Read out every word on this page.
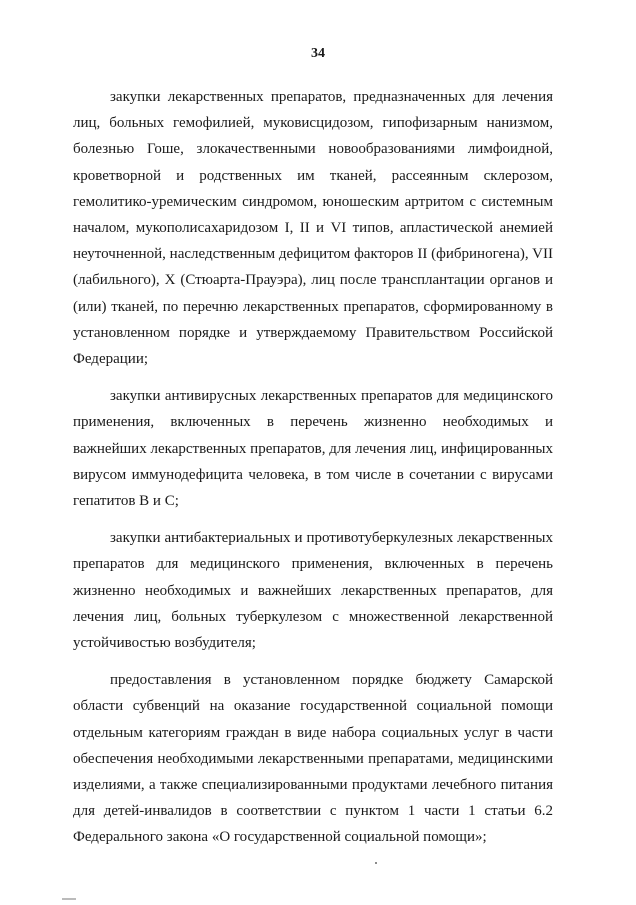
34

закупки лекарственных препаратов, предназначенных для лечения лиц, больных гемофилией, муковисцидозом, гипофизарным нанизмом, болезнью Гоше, злокачественными новообразованиями лимфоидной, кроветворной и родственных им тканей, рассеянным склерозом, гемолитико-уремическим синдромом, юношеским артритом с системным началом, мукополисахаридозом I, II и VI типов, апластической анемией неуточненной, наследственным дефицитом факторов II (фибриногена), VII (лабильного), X (Стюарта-Прауэра), лиц после трансплантации органов и (или) тканей, по перечню лекарственных препаратов, сформированному в установленном порядке и утверждаемому Правительством Российской Федерации;

закупки антивирусных лекарственных препаратов для медицинского применения, включенных в перечень жизненно необходимых и важнейших лекарственных препаратов, для лечения лиц, инфицированных вирусом иммунодефицита человека, в том числе в сочетании с вирусами гепатитов В и С;

закупки антибактериальных и противотуберкулезных лекарственных препаратов для медицинского применения, включенных в перечень жизненно необходимых и важнейших лекарственных препаратов, для лечения лиц, больных туберкулезом с множественной лекарственной устойчивостью возбудителя;

предоставления в установленном порядке бюджету Самарской области субвенций на оказание государственной социальной помощи отдельным категориям граждан в виде набора социальных услуг в части обеспечения необходимыми лекарственными препаратами, медицинскими изделиями, а также специализированными продуктами лечебного питания для детей-инвалидов в соответствии с пунктом 1 части 1 статьи 6.2 Федерального закона «О государственной социальной помощи»;
